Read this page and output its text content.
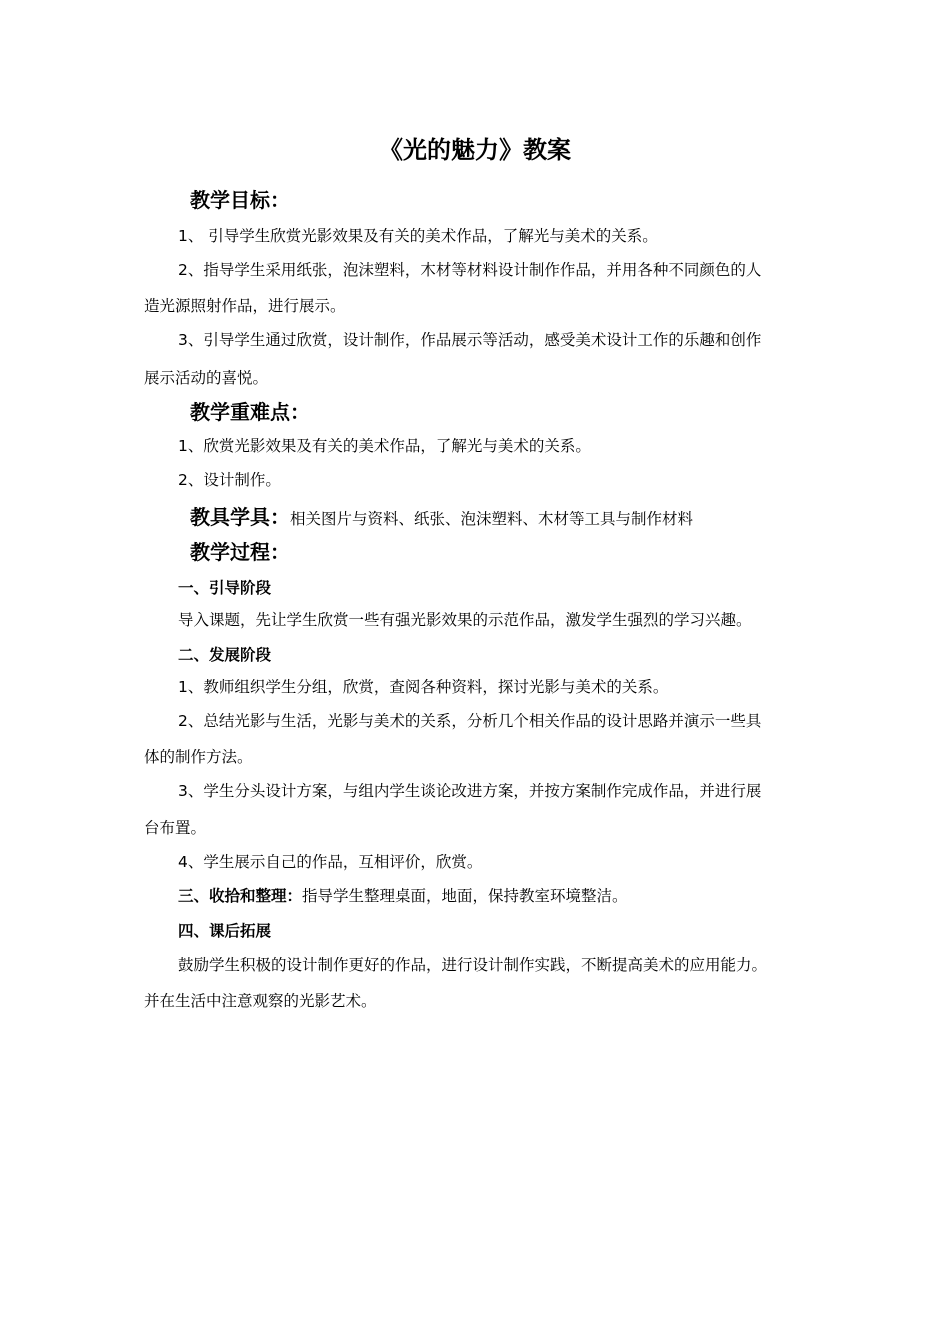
《光的魅力》教案
教学目标：
1、 引导学生欣赏光影效果及有关的美术作品，了解光与美术的关系。
2、指导学生采用纸张，泡沫塑料，木材等材料设计制作作品，并用各种不同颜色的人
造光源照射作品，进行展示。
3、引导学生通过欣赏，设计制作，作品展示等活动，感受美术设计工作的乐趣和创作
展示活动的喜悦。
教学重难点：
1、欣赏光影效果及有关的美术作品，了解光与美术的关系。
2、设计制作。
教具学具：相关图片与资料、纸张、泡沫塑料、木材等工具与制作材料
教学过程：
一、引导阶段
导入课题，先让学生欣赏一些有强光影效果的示范作品，激发学生强烈的学习兴趣。
二、发展阶段
1、教师组织学生分组，欣赏，查阅各种资料，探讨光影与美术的关系。
2、总结光影与生活，光影与美术的关系，分析几个相关作品的设计思路并演示一些具
体的制作方法。
3、学生分头设计方案，与组内学生谈论改进方案，并按方案制作完成作品，并进行展
台布置。
4、学生展示自己的作品，互相评价，欣赏。
三、收拾和整理：指导学生整理桌面，地面，保持教室环境整洁。
四、课后拓展
鼓励学生积极的设计制作更好的作品，进行设计制作实践，不断提高美术的应用能力。
并在生活中注意观察的光影艺术。
